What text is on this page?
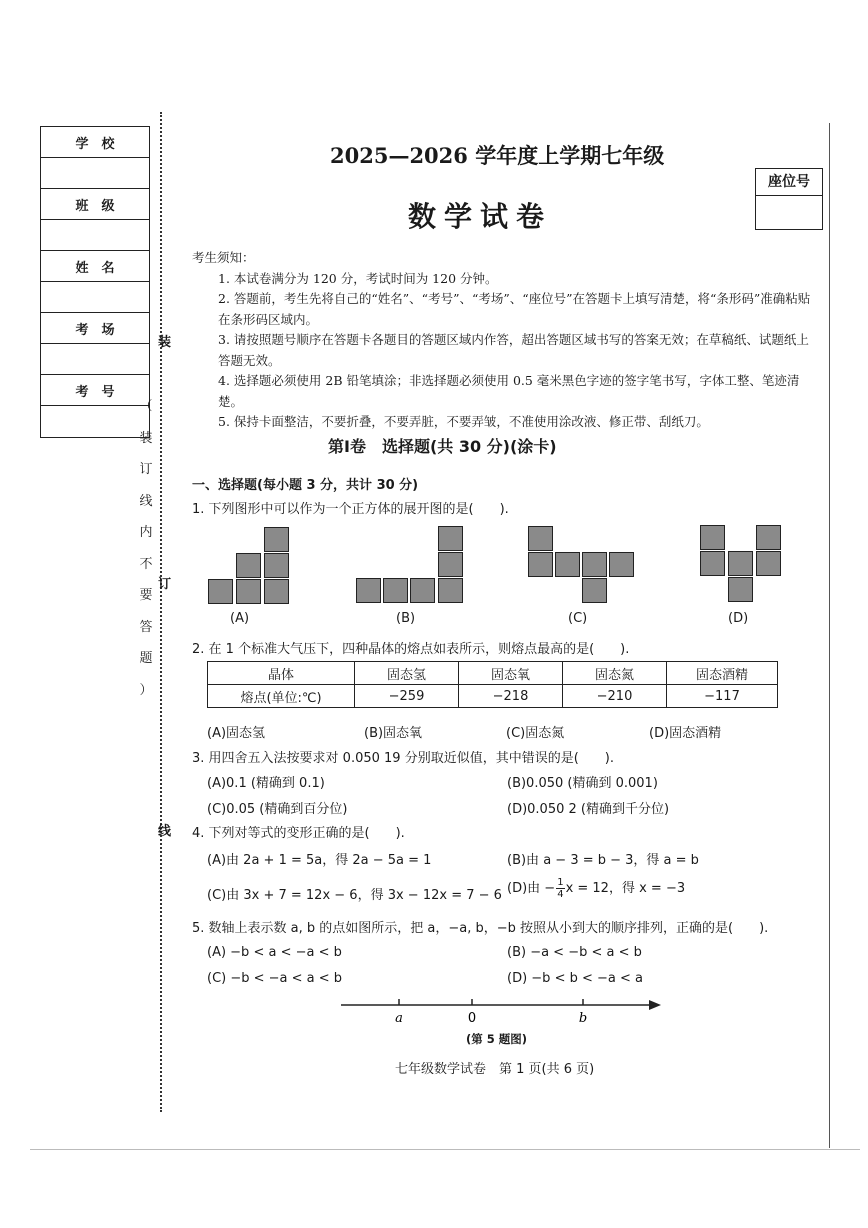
学　校
班　级
姓　名
考　场
考　号
装
订
线
（
装
订
线
内
不
要
答
题
）
2025—2026 学年度上学期七年级
数学试卷
座位号

考生须知：

1. 本试卷满分为 120 分，考试时间为 120 分钟。

2. 答题前，考生先将自己的“姓名”、“考号”、“考场”、“座位号”在答题卡上填写清楚，将“条形码”准确粘贴在条形码区域内。

3. 请按照题号顺序在答题卡各题目的答题区域内作答，超出答题区域书写的答案无效；在草稿纸、试题纸上答题无效。

4. 选择题必须使用 2B 铅笔填涂；非选择题必须使用 0.5 毫米黑色字迹的签字笔书写，字体工整、笔迹清楚。

5. 保持卡面整洁，不要折叠，不要弄脏，不要弄皱，不准使用涂改液、修正带、刮纸刀。

第Ⅰ卷　选择题(共 30 分)(涂卡)
一、选择题(每小题 3 分，共计 30 分)
1. 下列图形中可以作为一个正方体的展开图的是(　　).
(A)	(B)	(C)	(D)
2. 在 1 个标准大气压下，四种晶体的熔点如表所示，则熔点最高的是(　　).
晶体	固态氢	固态氧	固态氮	固态酒精
熔点(单位:℃)	−259	−218	−210	−117
(A)固态氢	(B)固态氧	(C)固态氮	(D)固态酒精
3. 用四舍五入法按要求对 0.050 19 分别取近似值，其中错误的是(　　).
(A)0.1 (精确到 0.1)	(B)0.050 (精确到 0.001)
(C)0.05 (精确到百分位)	(D)0.050 2 (精确到千分位)
4. 下列对等式的变形正确的是(　　).
(A)由 2a + 1 = 5a，得 2a − 5a = 1	(B)由 a − 3 = b − 3，得 a = b
(C)由 3x + 7 = 12x − 6，得 3x − 12x = 7 − 6 (D)由 − $\frac{1}{4}$ x = 12，得 x = −3
5. 数轴上表示数 a, b 的点如图所示，把 a，−a, b，−b 按照从小到大的顺序排列，正确的是(　　).
(A) −b < a < −a < b	(B) −a < −b < a < b
(C) −b < −a < a < b	(D) −b < b < −a < a
a	0	b
(第 5 题图)
七年级数学试卷　第 1 页(共 6 页)
